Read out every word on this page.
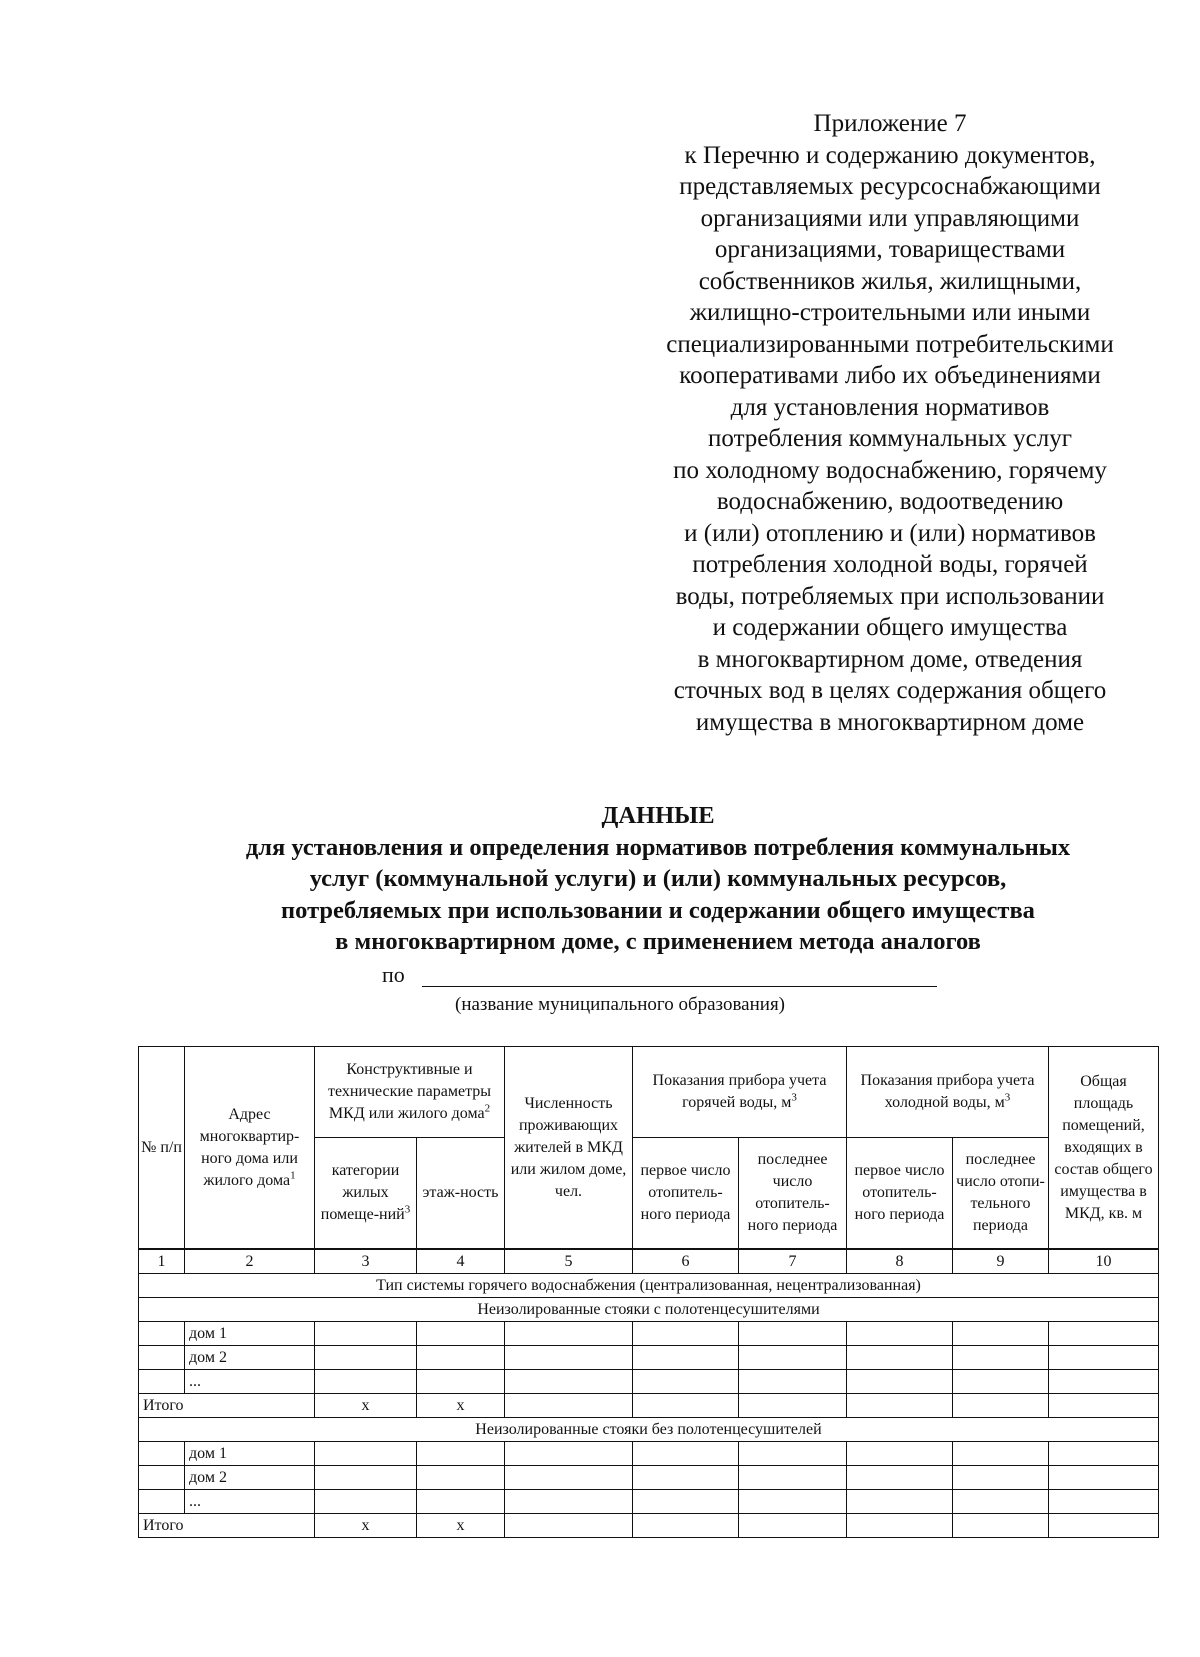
Приложение 7
к Перечню и содержанию документов,
представляемых ресурсоснабжающими
организациями или управляющими
организациями, товариществами
собственников жилья, жилищными,
жилищно-строительными или иными
специализированными потребительскими
кооперативами либо их объединениями
для установления нормативов
потребления коммунальных услуг
по холодному водоснабжению, горячему
водоснабжению, водоотведению
и (или) отоплению и (или) нормативов
потребления холодной воды, горячей
воды, потребляемых при использовании
и содержании общего имущества
в многоквартирном доме, отведения
сточных вод в целях содержания общего
имущества в многоквартирном доме
ДАННЫЕ
для установления и определения нормативов потребления коммунальных
услуг (коммунальной услуги) и (или) коммунальных ресурсов,
потребляемых при использовании и содержании общего имущества
в многоквартирном доме, с применением метода аналогов
по
(название муниципального образования)
№ п/п	Адрес многоквартир-ного дома или жилого дома$^1$	Конструктивные и технические параметры МКД или жилого дома$^2$		Численность проживающих жителей в МКД или жилом доме, чел.	Показания прибора учета горячей воды, $м^3$		Показания прибора учета холодной воды, $м^3$		Общая площадь помещений, входящих в состав общего имущества в МКД, кв. м
		категории жилых помеще-ний$^3$	этаж-ность		первое число отопитель-ного периода	последнее число отопитель-ного периода	первое число отопитель-ного периода	последнее число отопи-тельного периода	
1	2	3	4	5	6	7	8	9	10
Тип системы горячего водоснабжения (централизованная, нецентрализованная)									
Неизолированные стояки с полотенцесушителями									
	дом 1								
	дом 2								
	...								
Итого		х	х						
Неизолированные стояки без полотенцесушителей									
	дом 1								
	дом 2								
	...								
Итого		х	х						
